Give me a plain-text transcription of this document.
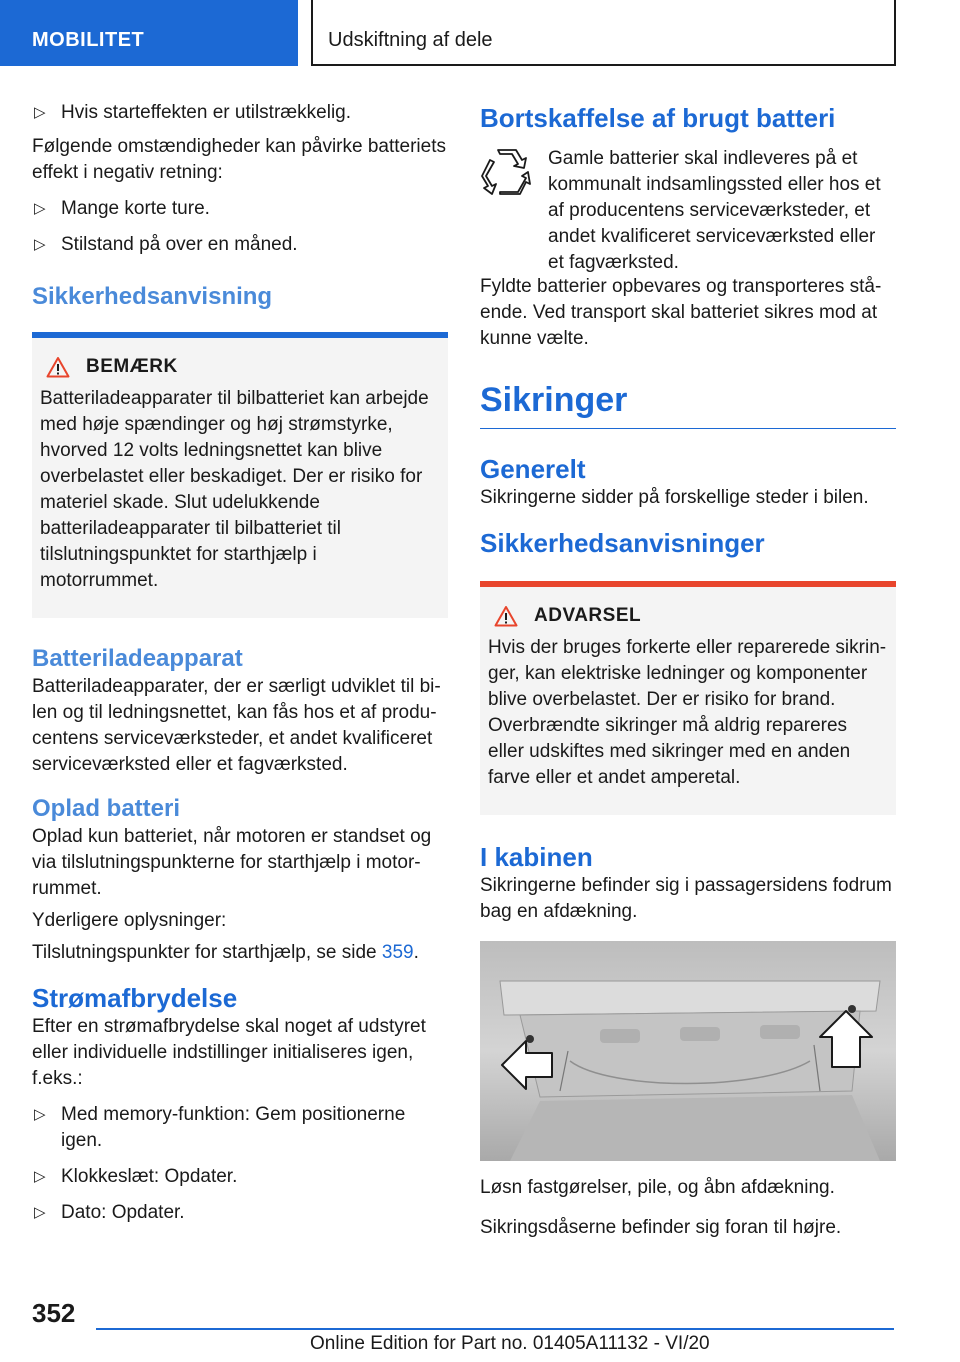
MOBILITET	Udskiftning af dele
▷ Hvis starteffekten er utilstrækkelig.

Følgende omstændigheder kan påvirke batteriets effekt i negativ retning:

▷ Mange korte ture.
▷ Stilstand på over en måned.
Sikkerhedsanvisning
BEMÆRK
Batteriladeapparater til bilbatteriet kan arbejde med høje spændinger og høj strømstyrke, hvorved 12 volts ledningsnettet kan blive overbelastet eller beskadiget. Der er risiko for materiel skade. Slut udelukkende batteriladeapparater til bilbatteriet til tilslutningspunktet for starthjælp i motorrummet.
Batteriladeapparat

Batteriladeapparater, der er særligt udviklet til bilen og til ledningsnettet, kan fås hos et af producentens serviceværksteder, et andet kvalificeret serviceværksted eller et fagværksted.

Oplad batteri

Oplad kun batteriet, når motoren er standset og via tilslutningspunkterne for starthjælp i motorrummet.

Yderligere oplysninger:

Tilslutningspunkter for starthjælp, se side 359.

Strømafbrydelse

Efter en strømafbrydelse skal noget af udstyret eller individuelle indstillinger initialiseres igen, f.eks.:

▷ Med memory-funktion: Gem positionerne igen.
▷ Klokkeslæt: Opdater.
▷ Dato: Opdater.
Bortskaffelse af brugt batteri
Gamle batterier skal indleveres på et kommunalt indsamlingssted eller hos et af producentens serviceværksteder, et andet kvalificeret serviceværksted eller et fagværksted.

Fyldte batterier opbevares og transporteres stående. Ved transport skal batteriet sikres mod at kunne vælte.

Sikringer
Generelt

Sikringerne sidder på forskellige steder i bilen.

Sikkerhedsanvisninger
ADVARSEL
Hvis der bruges forkerte eller reparerede sikringer, kan elektriske ledninger og komponenter blive overbelastet. Der er risiko for brand. Overbrændte sikringer må aldrig repareres eller udskiftes med sikringer med en anden farve eller et andet amperetal.
I kabinen

Sikringerne befinder sig i passagersidens fodrum bag en afdækning.

Løsn fastgørelser, pile, og åbn afdækning.

Sikringsdåserne befinder sig foran til højre.

352
Online Edition for Part no. 01405A11132 - VI/20
